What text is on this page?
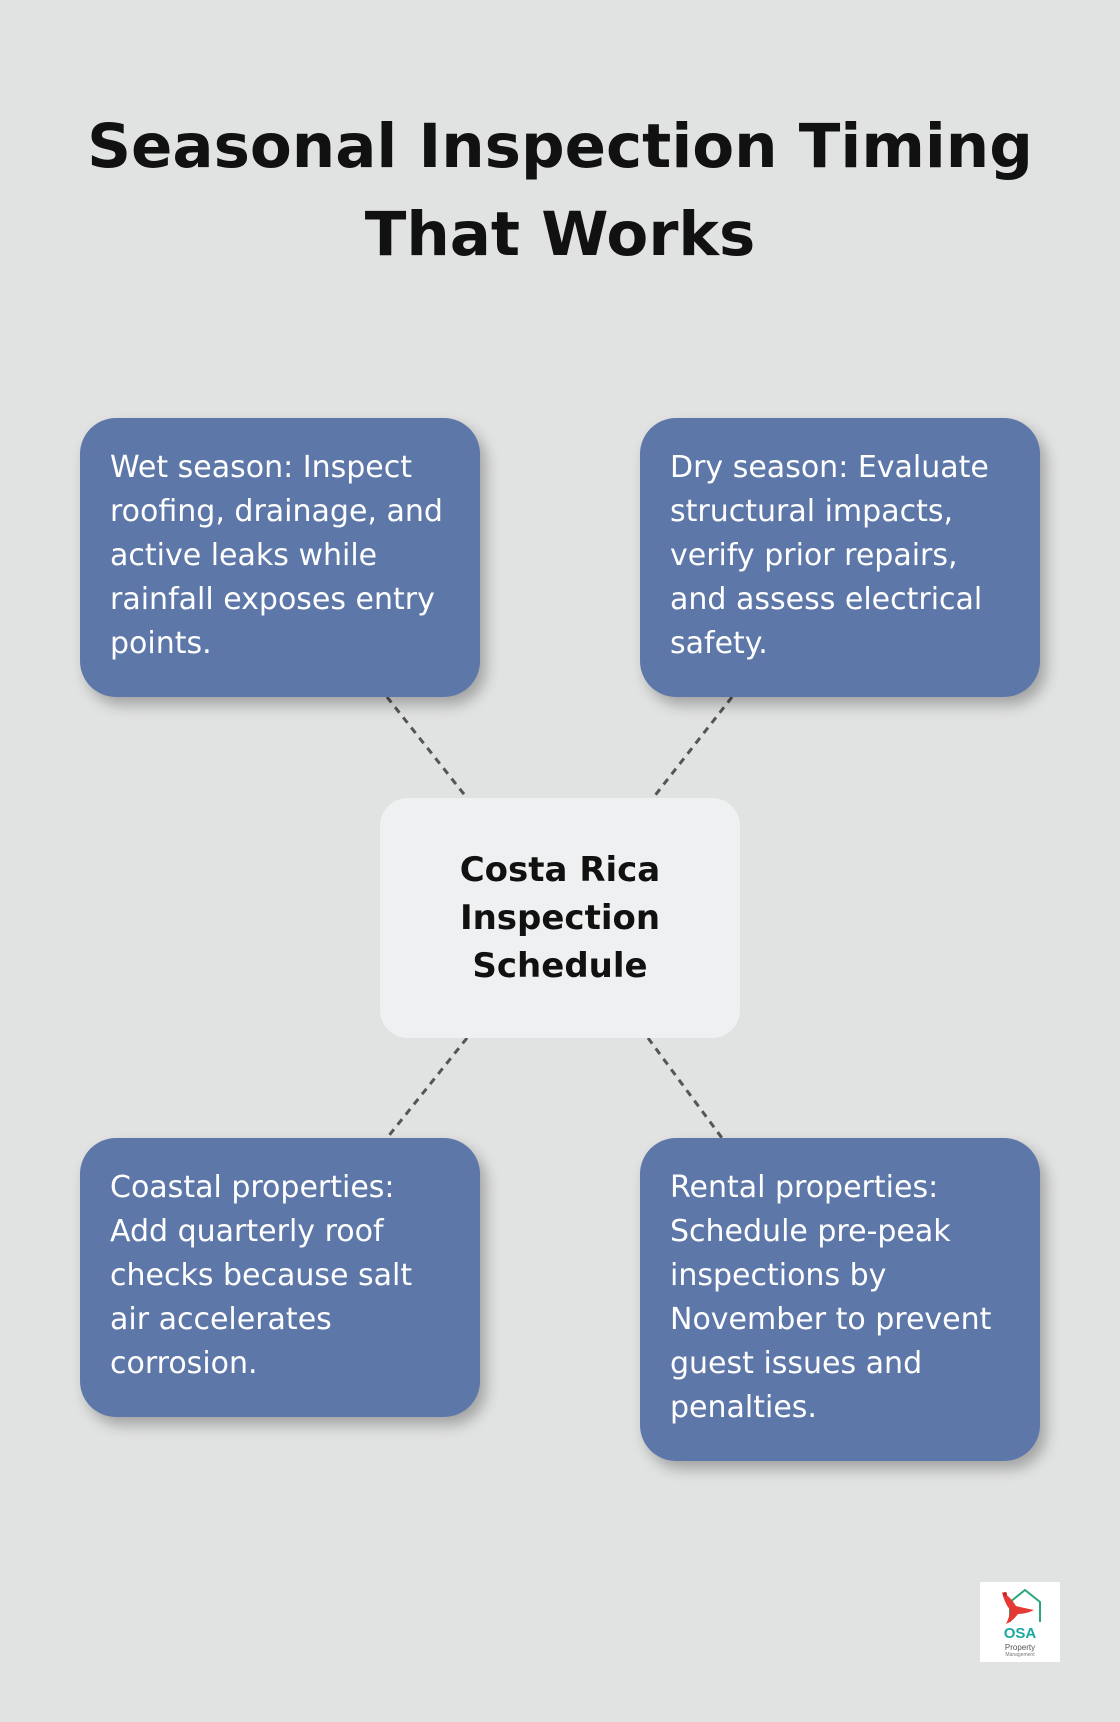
Seasonal Inspection Timing That Works
Wet season: Inspect roofing, drainage, and active leaks while rainfall exposes entry points.
Dry season: Evaluate structural impacts, verify prior repairs, and assess electrical safety.
Costa Rica Inspection Schedule
Coastal properties: Add quarterly roof checks because salt air accelerates corrosion.
Rental properties: Schedule pre-peak inspections by November to prevent guest issues and penalties.
OSA
Property
Management
